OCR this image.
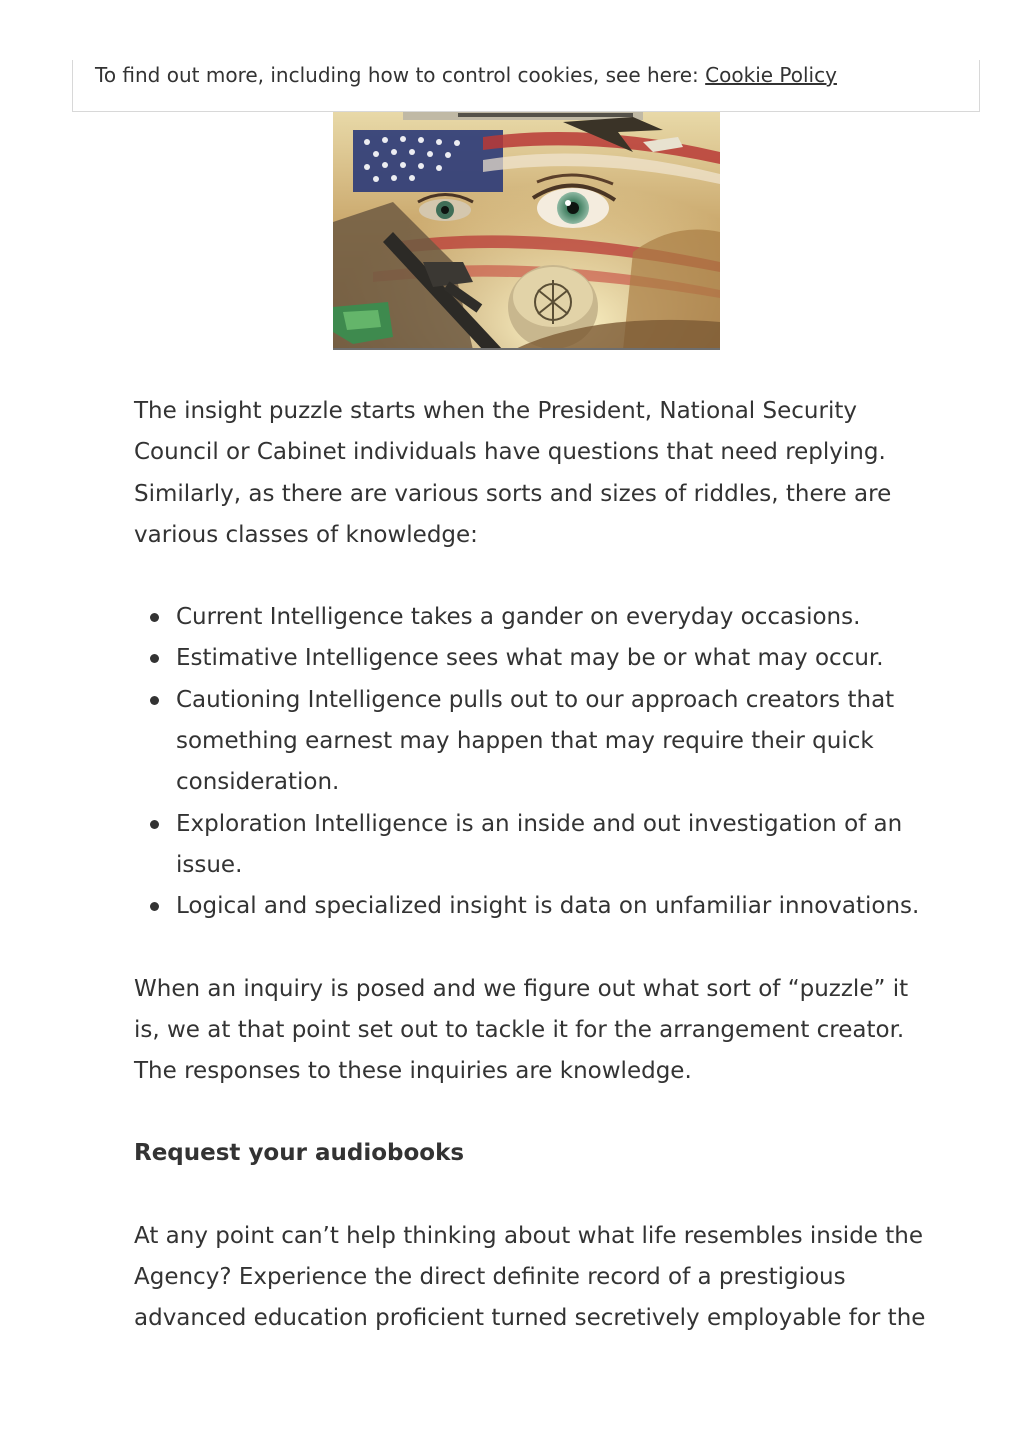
To find out more, including how to control cookies, see here: Cookie Policy

The insight puzzle starts when the President, National Security Council or Cabinet individuals have questions that need replying. Similarly, as there are various sorts and sizes of riddles, there are various classes of knowledge:

Current Intelligence takes a gander on everyday occasions.
Estimative Intelligence sees what may be or what may occur.
Cautioning Intelligence pulls out to our approach creators that something earnest may happen that may require their quick consideration.
Exploration Intelligence is an inside and out investigation of an issue.
Logical and specialized insight is data on unfamiliar innovations.

When an inquiry is posed and we figure out what sort of “puzzle” it is, we at that point set out to tackle it for the arrangement creator. The responses to these inquiries are knowledge.

Request your audiobooks

At any point can’t help thinking about what life resembles inside the Agency? Experience the direct definite record of a prestigious advanced education proficient turned secretively employable for the
